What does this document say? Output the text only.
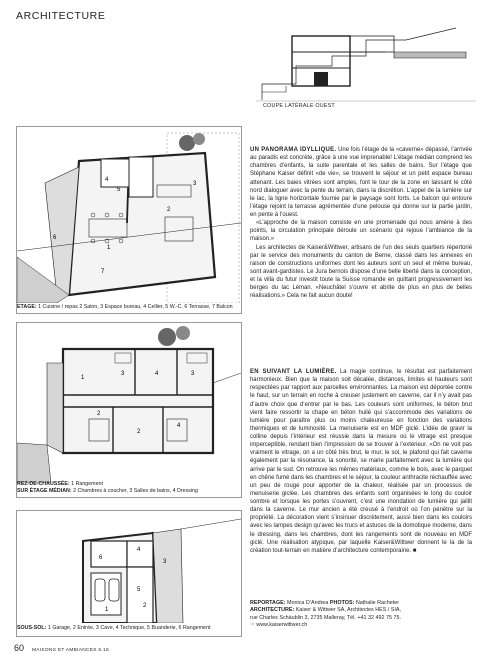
ARCHITECTURE
COUPE LATÉRALE OUEST
4
5
1
2
3
6
7
ETAGE: 1 Cuisine / repas 2 Salon, 3 Espace bureau, 4 Cellier, 5 W.-C. 6 Terrasse, 7 Balcon
1
2
2
3	3
4
4
REZ-DE-CHAUSSÉE: 1 Rangement
SUR ÉTAGE MÉDIAN: 2 Chambres à coucher, 3 Salles de bains, 4 Dressing
6
4
5
2
1
3
SOUS-SOL: 1 Garage, 2 Entrée, 3 Cave, 4 Technique, 5 Buanderie, 6 Rangement

UN PANORAMA IDYLLIQUE. Une fois l’étage de la «caverne» dépassé, l’arrivée au paradis est concrète, grâce à une vue imprenable! L’étage médian comprend les chambres d’enfants, la suite parentale et les salles de bains. Sur l’étage que Stéphane Kaiser définit «de vie», se trouvent le séjour et un petit espace bureau attenant. Les baies vitrées sont amples, font le tour de la zone en laissant le côté nord dialoguer avec la pente du terrain, dans la discrétion. L’appel de la lumière sur le lac, la ligne horizontale fournie par le paysage sont forts. Le balcon qui entoure l’étage rejoint la terrasse agrémentée d’une pelouse qui donne sur la partie jardin, en pente à l’ouest.

«L’approche de la maison consiste en une promenade qui nous amène à des points, la circulation principale déroule un scénario qui rejoue l’ambiance de la maison.»

Les architectes de Kaiser&Wittwer, artisans de l’un des seuls quartiers répertorié par le service des monuments du canton de Berne, classé dans les annexes en raison de constructions uniformes dont les auteurs sont un seul et même bureau, sont avant-gardistes. Le Jura bernois dispose d’une belle liberté dans la conception, et la villa du futur investit toute la Suisse romande en quittant progressivement les berges du lac Léman. «Neuchâtel s’ouvre et abrite de plus en plus de belles réalisations.» Cela ne fait aucun doute!

EN SUIVANT LA LUMIÈRE. La magie continue, le résultat est parfaitement harmonieux. Bien que la maison soit décalée, distances, limites et hauteurs sont respectées par rapport aux parcelles environnantes. La maison est déportée contre le haut, sur un terrain en roche à creuser justement en caverne, car il n’y avait pas d’autre choix que d’entrer par le bas. Les couleurs sont uniformes, le béton brut vient faire ressortir la chape en béton huilé qui s’accommode des variations de lumière pour paraître plus ou moins chaleureuse en fonction des variations thermiques et de luminosité. La menuiserie est en MDF giclé. L’idée de gravir la colline depuis l’intérieur est réussie dans la mesure où le vitrage est presque imperceptible, rendant bien l’impression de se trouver à l’extérieur. «On ne voit pas vraiment le vitrage, on a un côté très brut, le mur, le sol, le plafond qui fait caverne également par la résonance, la sonorité, se marie parfaitement avec la lumière qui arrive par le sud. On retrouve les mêmes matériaux, comme le bois, avec le parquet en chêne fumé dans les chambres et le séjour, la couleur anthracite réchauffée avec un peu de rouge pour apporter de la chaleur, réalisée par un processus de menuiserie giclée. Les chambres des enfants sont organisées le long du couloir sombre et lorsque les portes s’ouvrent, c’est une inondation de lumière qui jaillit dans la caverne. Le mur ancien a été creusé à l’endroit où l’on pénètre sur la propriété. La décoration vient s’insinuer discrètement, aussi bien dans les couloirs avec les lampes design qu’avec les trucs et astuces de la domotique moderne, dans le dressing, dans les chambres, dont les rangements sont de nouveau en MDF giclé. Une réalisation atypique, par laquelle Kaiser&Wittwer donnent le la de la création tout-terrain en matière d’architecture contemporaine. ■

REPORTAGE: Monica D’Andrea PHOTOS: Nathalie Racheter
ARCHITECTURE: Kaiser & Wittwer SA, Architectes HES / SIA,
rue Charles Schäublin 3, 2735 Malleray, Tél. +41 32 492 75 75.
☞ www.kaiserwittwer.ch
60 MAISONS ET AMBIANCES 5.16
